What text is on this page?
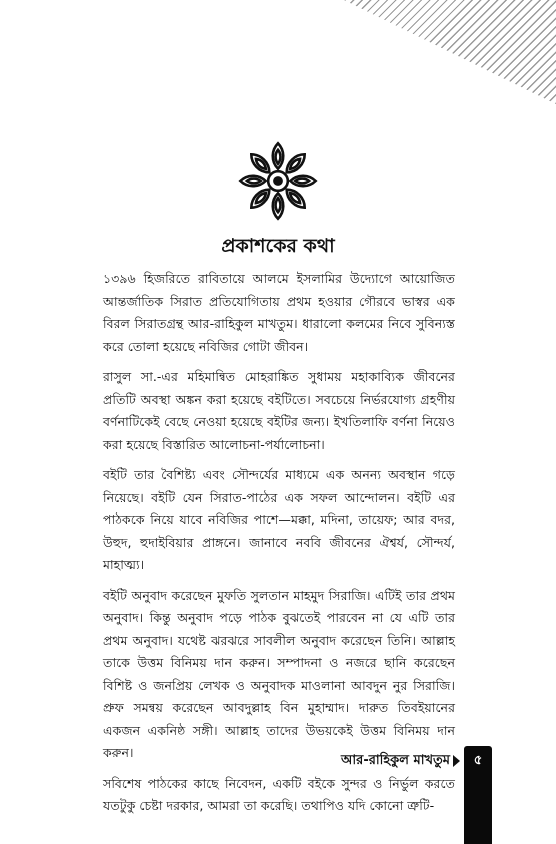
প্রকাশকের কথা

১৩৯৬ হিজরিতে রাবিতায়ে আলমে ইসলামির উদ্যোগে আয়োজিত আন্তর্জাতিক সিরাত প্রতিযোগিতায় প্রথম হওয়ার গৌরবে ভাস্বর এক বিরল সিরাতগ্রন্থ আর-রাহিকুল মাখতুম। ধারালো কলমের নিবে সুবিন্যস্ত করে তোলা হয়েছে নবিজির গোটা জীবন।

রাসুল সা.-এর মহিমান্বিত মোহরাঙ্কিত সুধাময় মহাকাব্যিক জীবনের প্রতিটি অবস্থা অঙ্কন করা হয়েছে বইটিতে। সবচেয়ে নির্ভরযোগ্য গ্রহণীয় বর্ণনাটিকেই বেছে নেওয়া হয়েছে বইটির জন্য। ইখতিলাফি বর্ণনা নিয়েও করা হয়েছে বিস্তারিত আলোচনা-পর্যালোচনা।

বইটি তার বৈশিষ্ট্য এবং সৌন্দর্যের মাধ্যমে এক অনন্য অবস্থান গড়ে নিয়েছে। বইটি যেন সিরাত-পাঠের এক সফল আন্দোলন। বইটি এর পাঠককে নিয়ে যাবে নবিজির পাশে—মক্কা, মদিনা, তায়েফ; আর বদর, উহুদ, হুদাইবিয়ার প্রাঙ্গনে। জানাবে নববি জীবনের ঐশ্বর্য, সৌন্দর্য, মাহাত্ম্য।

বইটি অনুবাদ করেছেন মুফতি সুলতান মাহমুদ সিরাজি। এটিই তার প্রথম অনুবাদ। কিন্তু অনুবাদ পড়ে পাঠক বুঝতেই পারবেন না যে এটি তার প্রথম অনুবাদ। যথেষ্ট ঝরঝরে সাবলীল অনুবাদ করেছেন তিনি। আল্লাহ তাকে উত্তম বিনিময় দান করুন। সম্পাদনা ও নজরে ছানি করেছেন বিশিষ্ট ও জনপ্রিয় লেখক ও অনুবাদক মাওলানা আবদুন নুর সিরাজি। প্রুফ সমন্বয় করেছেন আবদুল্লাহ বিন মুহাম্মাদ। দারুত তিবইয়ানের একজন একনিষ্ঠ সঙ্গী। আল্লাহ তাদের উভয়কেই উত্তম বিনিময় দান করুন।

সবিশেষ পাঠকের কাছে নিবেদন, একটি বইকে সুন্দর ও নির্ভুল করতে যতটুকু চেষ্টা দরকার, আমরা তা করেছি। তথাপিও যদি কোনো ত্রুটি-

আর-রাহিকুল মাখতুম	৫
